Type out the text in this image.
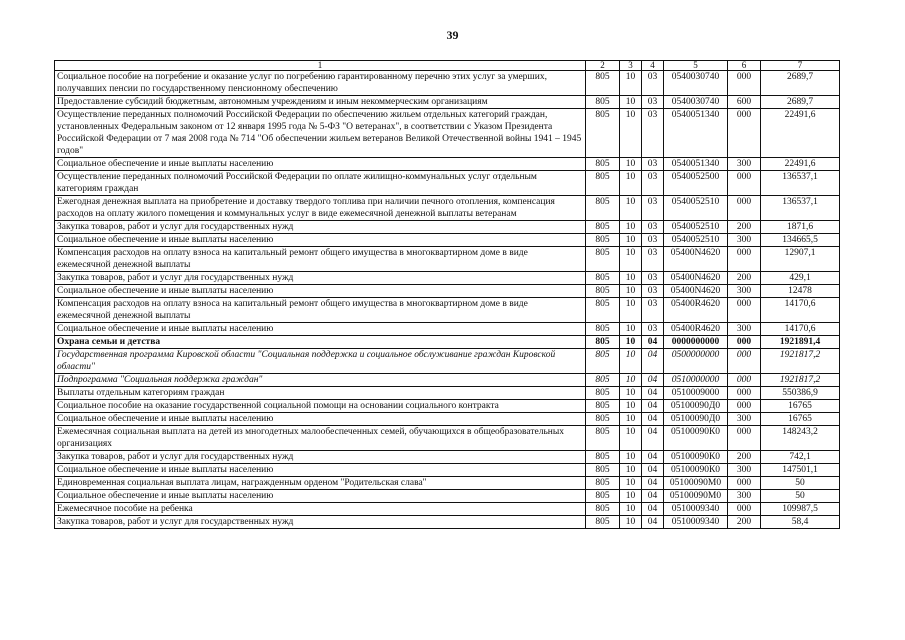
39
1	2	3	4	5	6	7
Социальное пособие на погребение и оказание услуг по погребению гарантированному перечню этих услуг за умерших, получавших пенсии по государственному пенсионному обеспечению	805	10	03	0540030740	000	2689,7
Предоставление субсидий бюджетным, автономным учреждениям и иным некоммерческим организациям	805	10	03	0540030740	600	2689,7
Осуществление переданных полномочий Российской Федерации по обеспечению жильем отдельных категорий граждан, установленных Федеральным законом от 12 января 1995 года № 5-ФЗ "О ветеранах", в соответствии с Указом Президента Российской Федерации от 7 мая 2008 года № 714 "Об обеспечении жильем ветеранов Великой Отечественной войны 1941 – 1945 годов"	805	10	03	0540051340	000	22491,6
Социальное обеспечение и иные выплаты населению	805	10	03	0540051340	300	22491,6
Осуществление переданных полномочий Российской Федерации по оплате жилищно-коммунальных услуг отдельным категориям граждан	805	10	03	0540052500	000	136537,1
Ежегодная денежная выплата на приобретение и доставку твердого топлива при наличии печного отопления, компенсация расходов на оплату жилого помещения и коммунальных услуг в виде ежемесячной денежной выплаты ветеранам	805	10	03	0540052510	000	136537,1
Закупка товаров, работ и услуг для государственных нужд	805	10	03	0540052510	200	1871,6
Социальное обеспечение и иные выплаты населению	805	10	03	0540052510	300	134665,5
Компенсация расходов на оплату взноса на капитальный ремонт общего имущества в многоквартирном доме в виде ежемесячной денежной выплаты	805	10	03	05400N4620	000	12907,1
Закупка товаров, работ и услуг для государственных нужд	805	10	03	05400N4620	200	429,1
Социальное обеспечение и иные выплаты населению	805	10	03	05400N4620	300	12478
Компенсация расходов на оплату взноса на капитальный ремонт общего имущества в многоквартирном доме в виде ежемесячной денежной выплаты	805	10	03	05400R4620	000	14170,6
Социальное обеспечение и иные выплаты населению	805	10	03	05400R4620	300	14170,6
Охрана семьи и детства	805	10	04	0000000000	000	1921891,4
Государственная программа Кировской области "Социальная поддержка и социальное обслуживание граждан Кировской области"	805	10	04	0500000000	000	1921817,2
Подпрограмма "Социальная поддержка граждан"	805	10	04	0510000000	000	1921817,2
Выплаты отдельным категориям граждан	805	10	04	0510009000	000	550386,9
Социальное пособие на оказание государственной социальной помощи на основании социального контракта	805	10	04	05100090Д0	000	16765
Социальное обеспечение и иные выплаты населению	805	10	04	05100090Д0	300	16765
Ежемесячная социальная выплата на детей из многодетных малообеспеченных семей, обучающихся в общеобразовательных организациях	805	10	04	05100090К0	000	148243,2
Закупка товаров, работ и услуг для государственных нужд	805	10	04	05100090К0	200	742,1
Социальное обеспечение и иные выплаты населению	805	10	04	05100090К0	300	147501,1
Единовременная социальная выплата лицам, награжденным орденом "Родительская слава"	805	10	04	05100090М0	000	50
Социальное обеспечение и иные выплаты населению	805	10	04	05100090М0	300	50
Ежемесячное пособие на ребенка	805	10	04	0510009340	000	109987,5
Закупка товаров, работ и услуг для государственных нужд	805	10	04	0510009340	200	58,4
